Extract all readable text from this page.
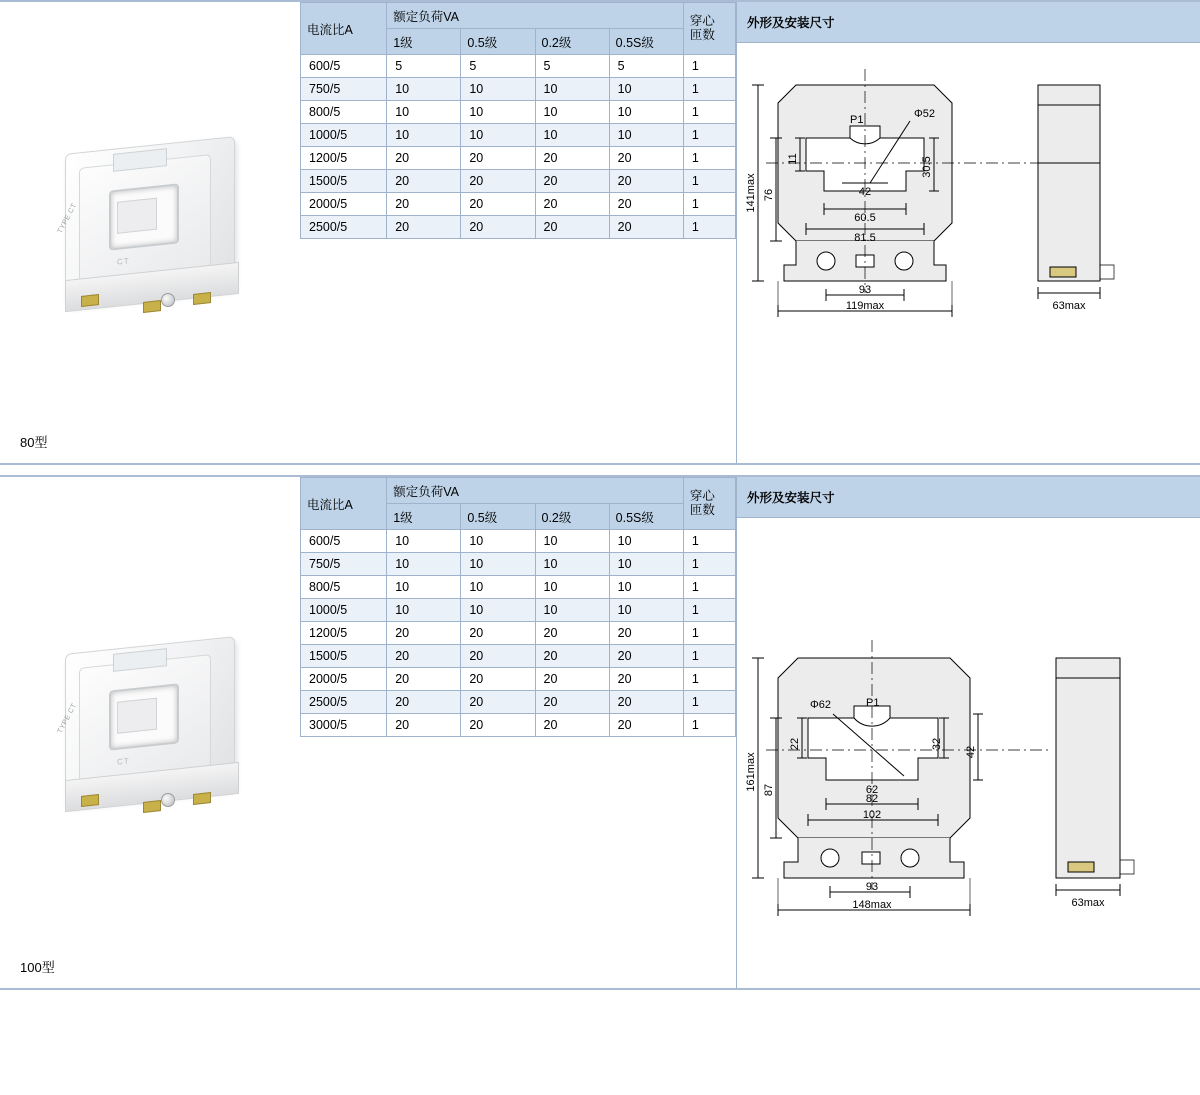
TYPE CT
CT
80型
电流比A	额定负荷VA				穿心
匝数
	1级	0.5级	0.2级	0.5S级	
600/5	5	5	5	5	1
750/5	10	10	10	10	1
800/5	10	10	10	10	1
1000/5	10	10	10	10	1
1200/5	20	20	20	20	1
1500/5	20	20	20	20	1
2000/5	20	20	20	20	1
2500/5	20	20	20	20	1
外形及安装尺寸
141max 76
11	30.5
Φ52
P1
42
60.5
81.5
93
119max	63max
TYPE CT
CT
100型
电流比A	额定负荷VA				穿心
匝数
	1级	0.5级	0.2级	0.5S级	
600/5	10	10	10	10	1
750/5	10	10	10	10	1
800/5	10	10	10	10	1
1000/5	10	10	10	10	1
1200/5	20	20	20	20	1
1500/5	20	20	20	20	1
2000/5	20	20	20	20	1
2500/5	20	20	20	20	1
3000/5	20	20	20	20	1
外形及安装尺寸
161max 87
22	32
42
Φ62	P1
62
82
102
93
148max	63max
